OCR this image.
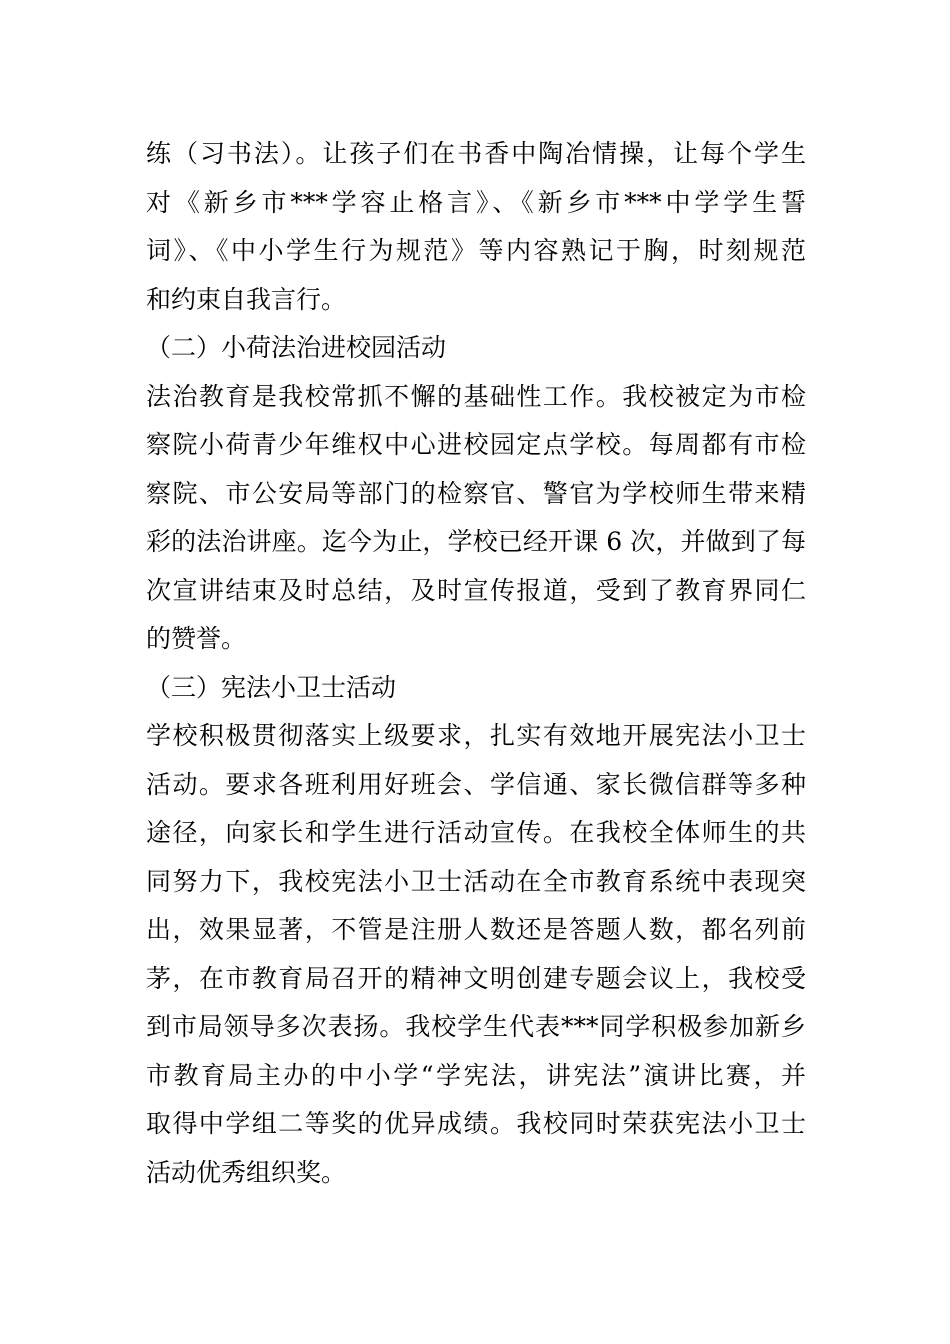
练（习书法）。让孩子们在书香中陶冶情操，让每个学生
对《新乡市***学容止格言》、《新乡市***中学学生誓
词》、《中小学生行为规范》等内容熟记于胸，时刻规范
和约束自我言行。
（二）小荷法治进校园活动
法治教育是我校常抓不懈的基础性工作。我校被定为市检
察院小荷青少年维权中心进校园定点学校。每周都有市检
察院、市公安局等部门的检察官、警官为学校师生带来精
彩的法治讲座。迄今为止，学校已经开课 6 次，并做到了每
次宣讲结束及时总结，及时宣传报道，受到了教育界同仁
的赞誉。
（三）宪法小卫士活动
学校积极贯彻落实上级要求，扎实有效地开展宪法小卫士
活动。要求各班利用好班会、学信通、家长微信群等多种
途径，向家长和学生进行活动宣传。在我校全体师生的共
同努力下，我校宪法小卫士活动在全市教育系统中表现突
出，效果显著，不管是注册人数还是答题人数，都名列前
茅，在市教育局召开的精神文明创建专题会议上，我校受
到市局领导多次表扬。我校学生代表***同学积极参加新乡
市教育局主办的中小学“学宪法，讲宪法”演讲比赛，并
取得中学组二等奖的优异成绩。我校同时荣获宪法小卫士
活动优秀组织奖。
